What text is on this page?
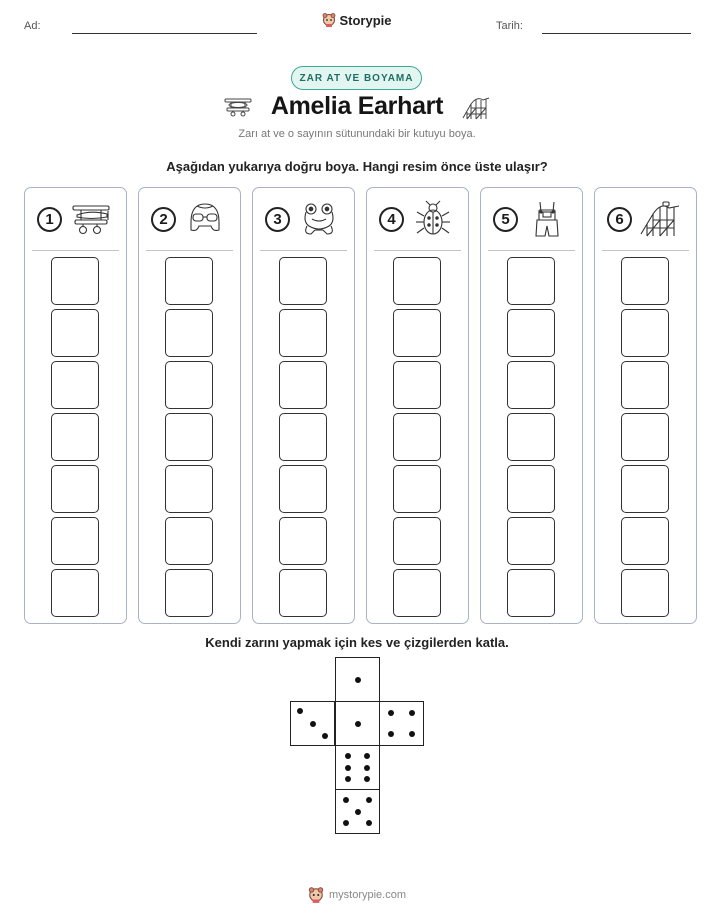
Ad:	Tarih:
Storypie
ZAR AT VE BOYAMA
Amelia Earhart
Zarı at ve o sayının sütunundaki bir kutuyu boya.
Aşağıdan yukarıya doğru boya. Hangi resim önce üste ulaşır?
1	2	3	4	5	6
Kendi zarını yapmak için kes ve çizgilerden katla.
mystorypie.com
